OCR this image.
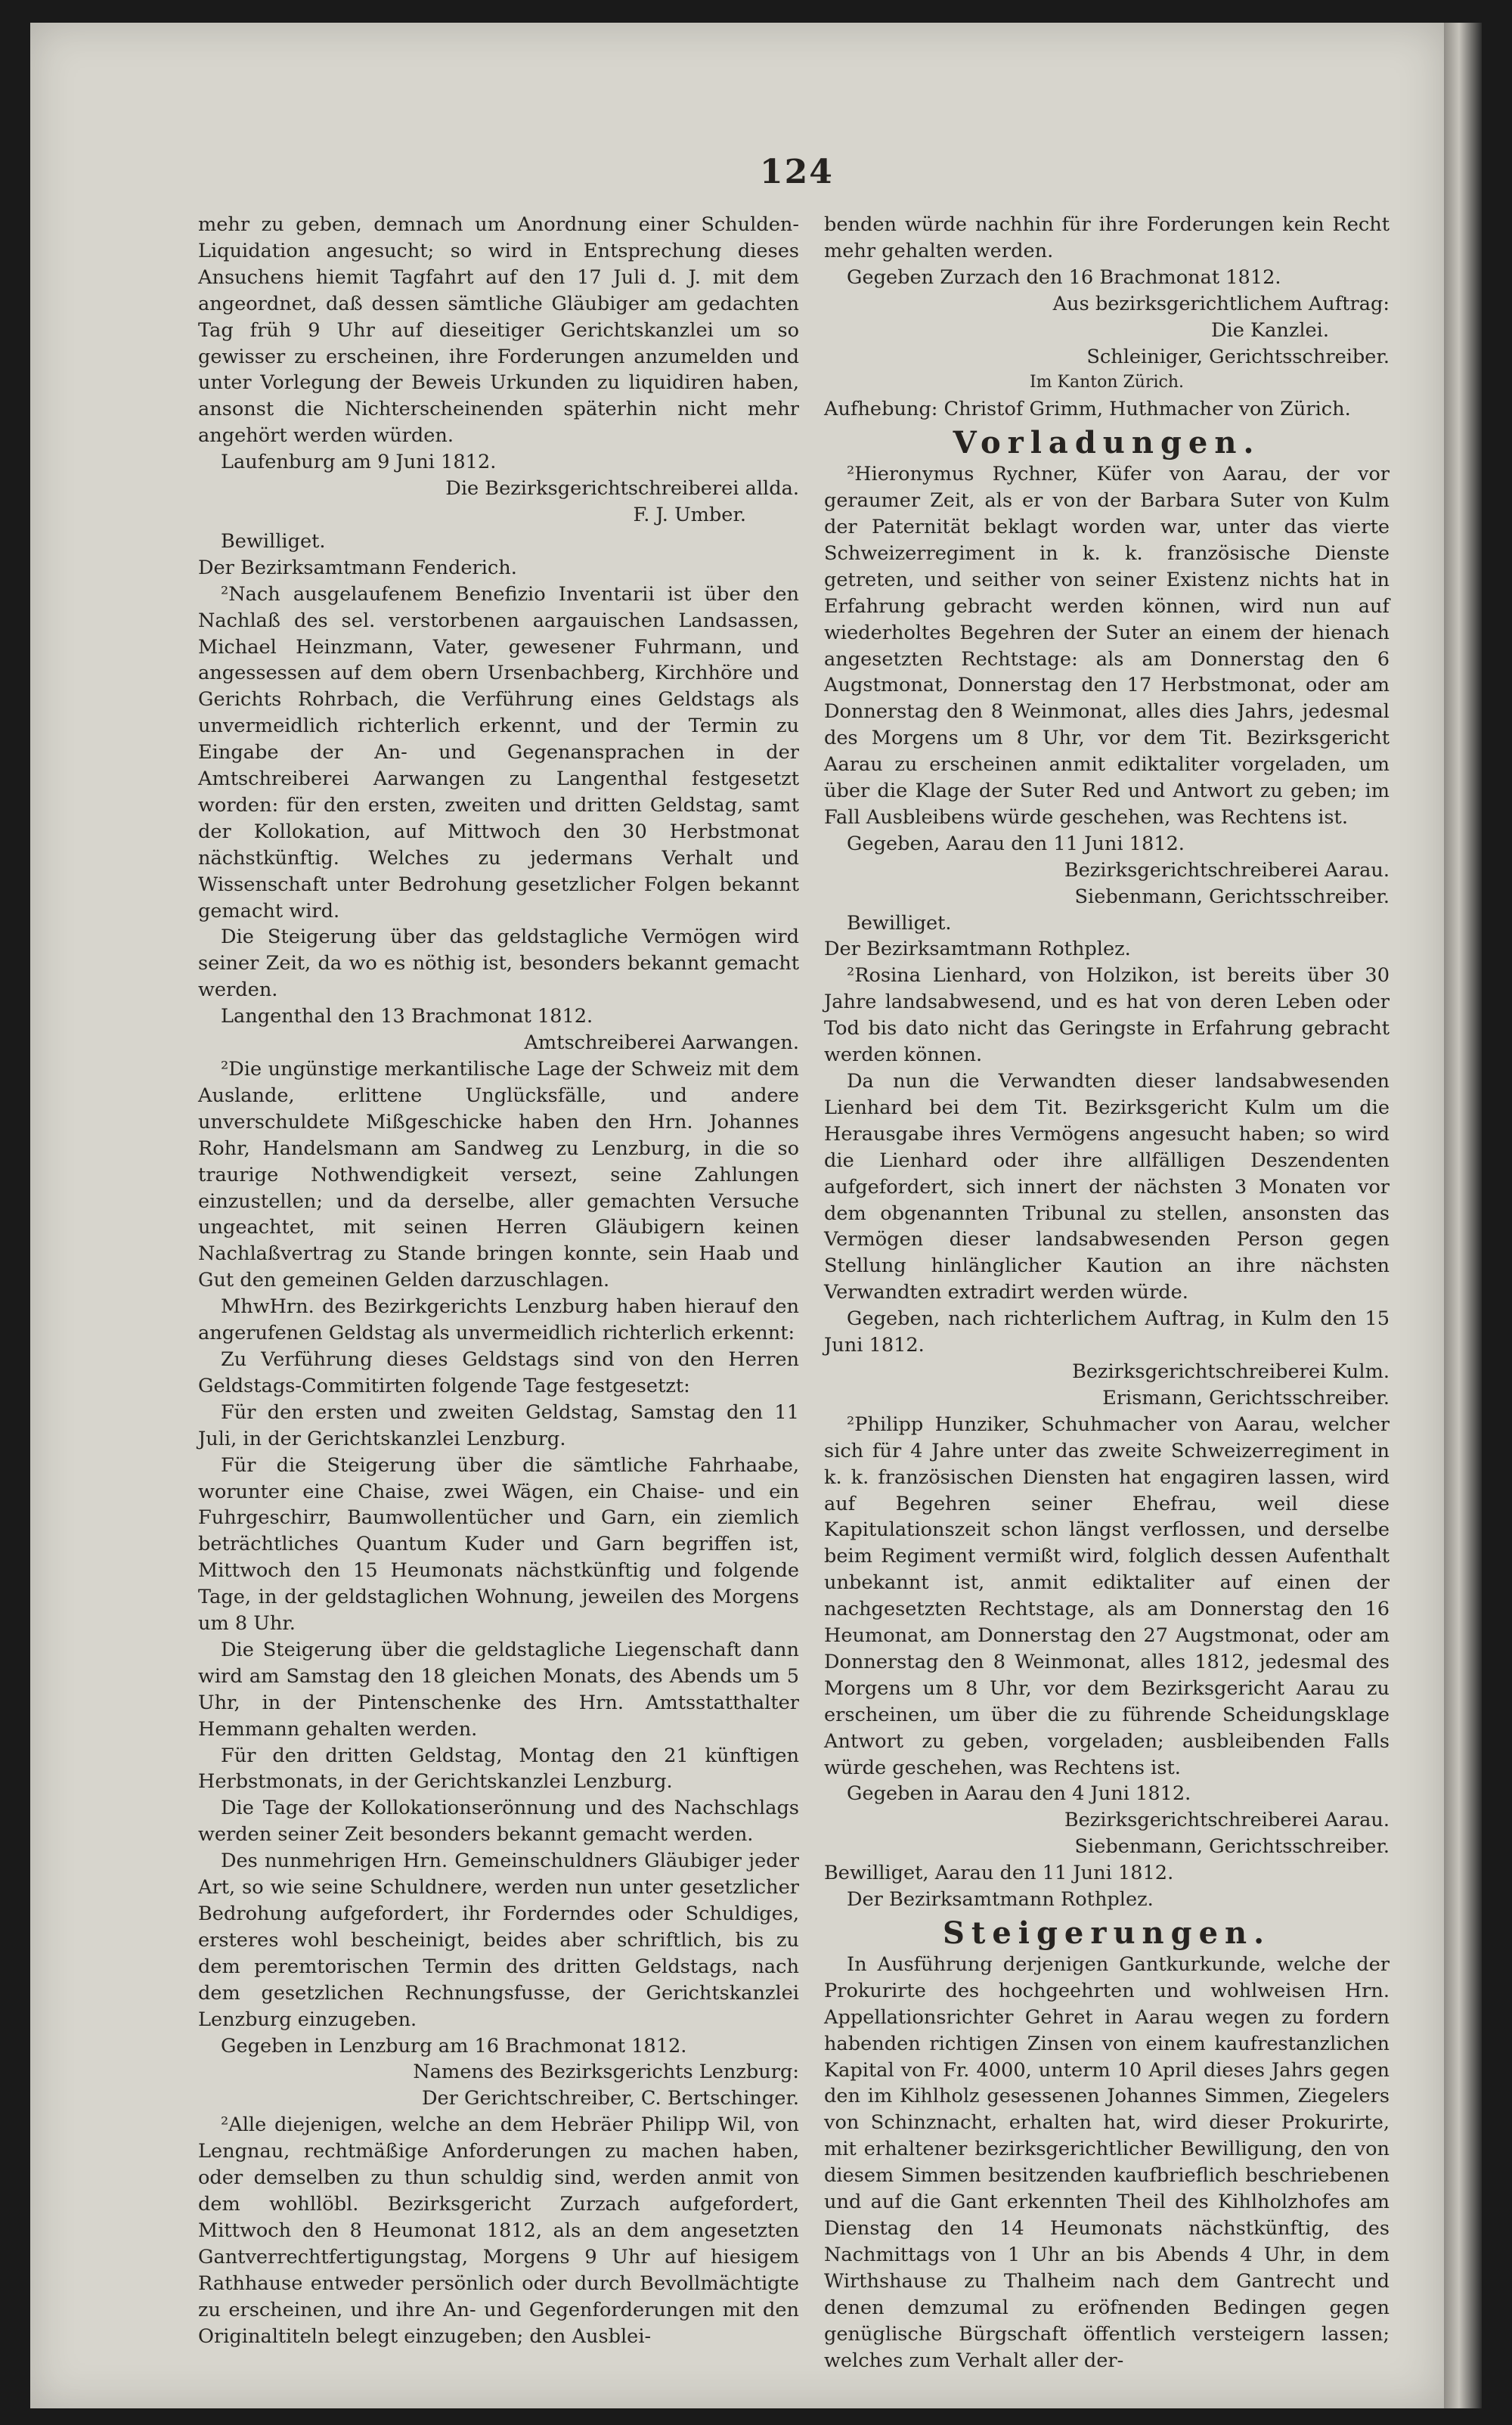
124

mehr zu geben, demnach um Anordnung einer Schulden-Liquidation angesucht; so wird in Entsprechung dieses Ansuchens hiemit Tagfahrt auf den 17 Juli d. J. mit dem angeordnet, daß dessen sämtliche Gläubiger am gedachten Tag früh 9 Uhr auf dieseitiger Gerichtskanzlei um so gewisser zu erscheinen, ihre Forderungen anzumelden und unter Vorlegung der Beweis Urkunden zu liquidiren haben, ansonst die Nichterscheinenden späterhin nicht mehr angehört werden würden.

Laufenburg am 9 Juni 1812.

Die Bezirksgerichtschreiberei allda.

F. J. Umber.

Bewilliget.

Der Bezirksamtmann Fenderich.

²Nach ausgelaufenem Benefizio Inventarii ist über den Nachlaß des sel. verstorbenen aargauischen Landsassen, Michael Heinzmann, Vater, gewesener Fuhrmann, und angessessen auf dem obern Ursenbachberg, Kirchhöre und Gerichts Rohrbach, die Verführung eines Geldstags als unvermeidlich richterlich erkennt, und der Termin zu Eingabe der An- und Gegenansprachen in der Amtschreiberei Aarwangen zu Langenthal festgesetzt worden: für den ersten, zweiten und dritten Geldstag, samt der Kollokation, auf Mittwoch den 30 Herbstmonat nächstkünftig. Welches zu jedermans Verhalt und Wissenschaft unter Bedrohung gesetzlicher Folgen bekannt gemacht wird.

Die Steigerung über das geldstagliche Vermögen wird seiner Zeit, da wo es nöthig ist, besonders bekannt gemacht werden.

Langenthal den 13 Brachmonat 1812.

Amtschreiberei Aarwangen.

²Die ungünstige merkantilische Lage der Schweiz mit dem Auslande, erlittene Unglücksfälle, und andere unverschuldete Mißgeschicke haben den Hrn. Johannes Rohr, Handelsmann am Sandweg zu Lenzburg, in die so traurige Nothwendigkeit versezt, seine Zahlungen einzustellen; und da derselbe, aller gemachten Versuche ungeachtet, mit seinen Herren Gläubigern keinen Nachlaßvertrag zu Stande bringen konnte, sein Haab und Gut den gemeinen Gelden darzuschlagen.

MhwHrn. des Bezirkgerichts Lenzburg haben hierauf den angerufenen Geldstag als unvermeidlich richterlich erkennt:

Zu Verführung dieses Geldstags sind von den Herren Geldstags-Commitirten folgende Tage festgesetzt:

Für den ersten und zweiten Geldstag, Samstag den 11 Juli, in der Gerichtskanzlei Lenzburg.

Für die Steigerung über die sämtliche Fahrhaabe, worunter eine Chaise, zwei Wägen, ein Chaise- und ein Fuhrgeschirr, Baumwollentücher und Garn, ein ziemlich beträchtliches Quantum Kuder und Garn begriffen ist, Mittwoch den 15 Heumonats nächstkünftig und folgende Tage, in der geldstaglichen Wohnung, jeweilen des Morgens um 8 Uhr.

Die Steigerung über die geldstagliche Liegenschaft dann wird am Samstag den 18 gleichen Monats, des Abends um 5 Uhr, in der Pintenschenke des Hrn. Amtsstatthalter Hemmann gehalten werden.

Für den dritten Geldstag, Montag den 21 künftigen Herbstmonats, in der Gerichtskanzlei Lenzburg.

Die Tage der Kollokationserönnung und des Nachschlags werden seiner Zeit besonders bekannt gemacht werden.

Des nunmehrigen Hrn. Gemeinschuldners Gläubiger jeder Art, so wie seine Schuldnere, werden nun unter gesetzlicher Bedrohung aufgefordert, ihr Forderndes oder Schuldiges, ersteres wohl bescheinigt, beides aber schriftlich, bis zu dem peremtorischen Termin des dritten Geldstags, nach dem gesetzlichen Rechnungsfusse, der Gerichtskanzlei Lenzburg einzugeben.

Gegeben in Lenzburg am 16 Brachmonat 1812.

Namens des Bezirksgerichts Lenzburg:

Der Gerichtschreiber, C. Bertschinger.

²Alle diejenigen, welche an dem Hebräer Philipp Wil, von Lengnau, rechtmäßige Anforderungen zu machen haben, oder demselben zu thun schuldig sind, werden anmit von dem wohllöbl. Bezirksgericht Zurzach aufgefordert, Mittwoch den 8 Heumonat 1812, als an dem angesetzten Gantverrechtfertigungstag, Morgens 9 Uhr auf hiesigem Rathhause entweder persönlich oder durch Bevollmächtigte zu erscheinen, und ihre An- und Gegenforderungen mit den Originaltiteln belegt einzugeben; den Ausblei-

benden würde nachhin für ihre Forderungen kein Recht mehr gehalten werden.

Gegeben Zurzach den 16 Brachmonat 1812.

Aus bezirksgerichtlichem Auftrag:

Die Kanzlei.

Schleiniger, Gerichtsschreiber.

Im Kanton Zürich.

Aufhebung: Christof Grimm, Huthmacher von Zürich.

Vorladungen.

²Hieronymus Rychner, Küfer von Aarau, der vor geraumer Zeit, als er von der Barbara Suter von Kulm der Paternität beklagt worden war, unter das vierte Schweizerregiment in k. k. französische Dienste getreten, und seither von seiner Existenz nichts hat in Erfahrung gebracht werden können, wird nun auf wiederholtes Begehren der Suter an einem der hienach angesetzten Rechtstage: als am Donnerstag den 6 Augstmonat, Donnerstag den 17 Herbstmonat, oder am Donnerstag den 8 Weinmonat, alles dies Jahrs, jedesmal des Morgens um 8 Uhr, vor dem Tit. Bezirksgericht Aarau zu erscheinen anmit ediktaliter vorgeladen, um über die Klage der Suter Red und Antwort zu geben; im Fall Ausbleibens würde geschehen, was Rechtens ist.

Gegeben, Aarau den 11 Juni 1812.

Bezirksgerichtschreiberei Aarau.

Siebenmann, Gerichtsschreiber.

Bewilliget.

Der Bezirksamtmann Rothplez.

²Rosina Lienhard, von Holzikon, ist bereits über 30 Jahre landsabwesend, und es hat von deren Leben oder Tod bis dato nicht das Geringste in Erfahrung gebracht werden können.

Da nun die Verwandten dieser landsabwesenden Lienhard bei dem Tit. Bezirksgericht Kulm um die Herausgabe ihres Vermögens angesucht haben; so wird die Lienhard oder ihre allfälligen Deszendenten aufgefordert, sich innert der nächsten 3 Monaten vor dem obgenannten Tribunal zu stellen, ansonsten das Vermögen dieser landsabwesenden Person gegen Stellung hinlänglicher Kaution an ihre nächsten Verwandten extradirt werden würde.

Gegeben, nach richterlichem Auftrag, in Kulm den 15 Juni 1812.

Bezirksgerichtschreiberei Kulm.

Erismann, Gerichtsschreiber.

²Philipp Hunziker, Schuhmacher von Aarau, welcher sich für 4 Jahre unter das zweite Schweizerregiment in k. k. französischen Diensten hat engagiren lassen, wird auf Begehren seiner Ehefrau, weil diese Kapitulationszeit schon längst verflossen, und derselbe beim Regiment vermißt wird, folglich dessen Aufenthalt unbekannt ist, anmit ediktaliter auf einen der nachgesetzten Rechtstage, als am Donnerstag den 16 Heumonat, am Donnerstag den 27 Augstmonat, oder am Donnerstag den 8 Weinmonat, alles 1812, jedesmal des Morgens um 8 Uhr, vor dem Bezirksgericht Aarau zu erscheinen, um über die zu führende Scheidungsklage Antwort zu geben, vorgeladen; ausbleibenden Falls würde geschehen, was Rechtens ist.

Gegeben in Aarau den 4 Juni 1812.

Bezirksgerichtschreiberei Aarau.

Siebenmann, Gerichtsschreiber.

Bewilliget, Aarau den 11 Juni 1812.

Der Bezirksamtmann Rothplez.

Steigerungen.

In Ausführung derjenigen Gantkurkunde, welche der Prokurirte des hochgeehrten und wohlweisen Hrn. Appellationsrichter Gehret in Aarau wegen zu fordern habenden richtigen Zinsen von einem kaufrestanzlichen Kapital von Fr. 4000, unterm 10 April dieses Jahrs gegen den im Kihlholz gesessenen Johannes Simmen, Ziegelers von Schinznacht, erhalten hat, wird dieser Prokurirte, mit erhaltener bezirksgerichtlicher Bewilligung, den von diesem Simmen besitzenden kaufbrieflich beschriebenen und auf die Gant erkennten Theil des Kihlholzhofes am Dienstag den 14 Heumonats nächstkünftig, des Nachmittags von 1 Uhr an bis Abends 4 Uhr, in dem Wirthshause zu Thalheim nach dem Gantrecht und denen demzumal zu eröfnenden Bedingen gegen genüglische Bürgschaft öffentlich versteigern lassen; welches zum Verhalt aller der-
